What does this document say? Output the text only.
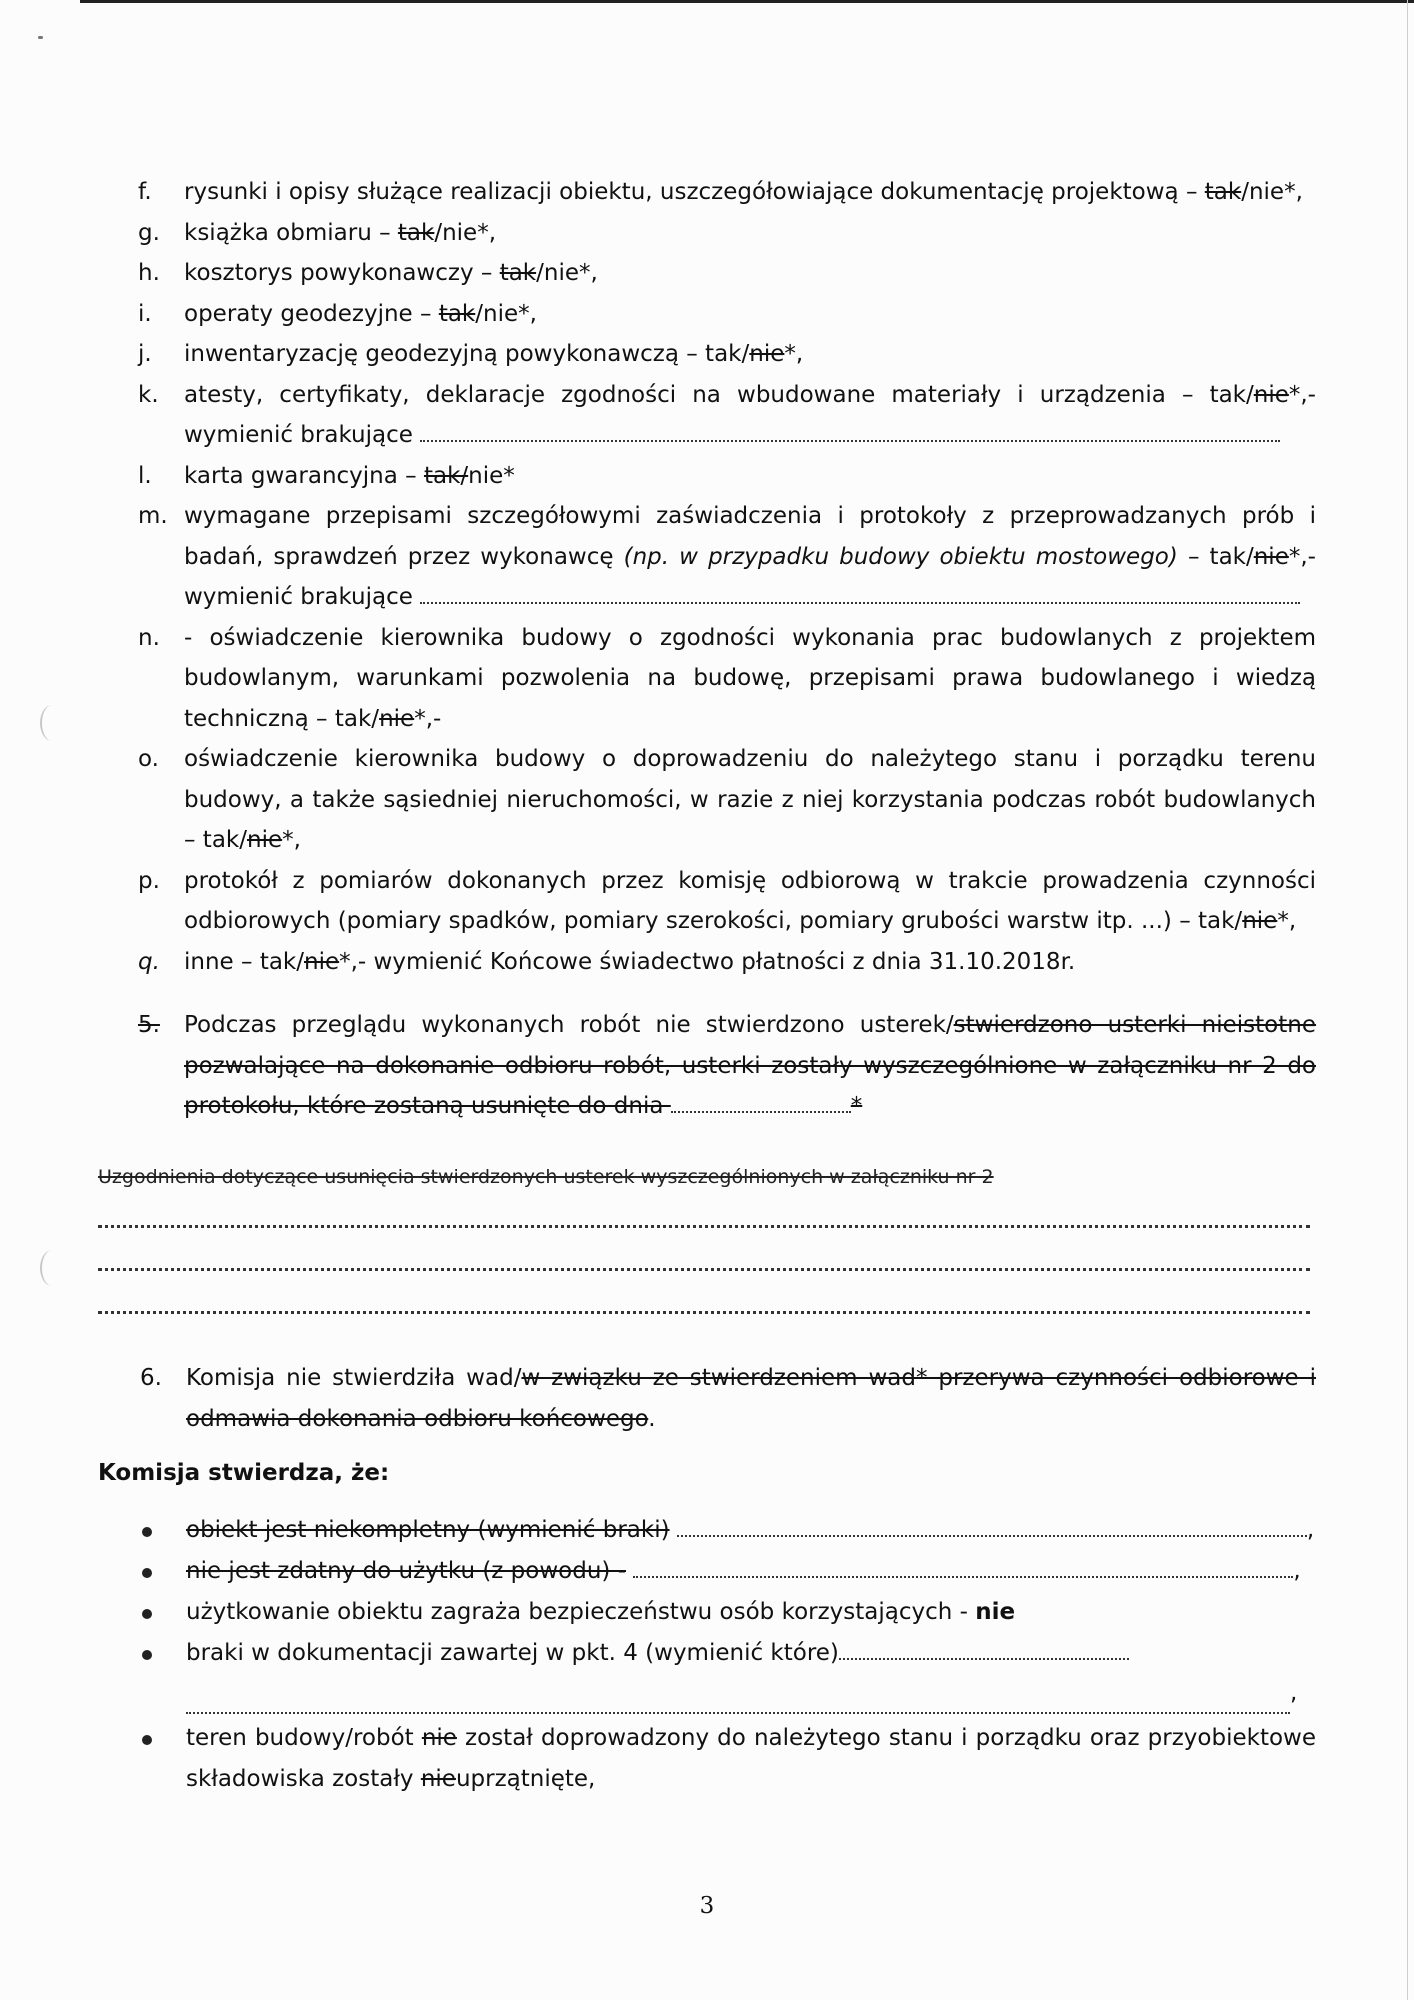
f. rysunki i opisy służące realizacji obiektu, uszczegółowiające dokumentację projektową – tak/nie*,
g. książka obmiaru – tak/nie*,
h. kosztorys powykonawczy – tak/nie*,
i. operaty geodezyjne – tak/nie*,
j. inwentaryzację geodezyjną powykonawczą – tak/nie*,
k. atesty, certyfikaty, deklaracje zgodności na wbudowane materiały i urządzenia – tak/nie*,- wymienić brakujące
l. karta gwarancyjna – tak/nie*
m. wymagane przepisami szczegółowymi zaświadczenia i protokoły z przeprowadzanych prób i badań, sprawdzeń przez wykonawcę (np. w przypadku budowy obiektu mostowego) – tak/nie*,- wymienić brakujące
n. - oświadczenie kierownika budowy o zgodności wykonania prac budowlanych z projektem budowlanym, warunkami pozwolenia na budowę, przepisami prawa budowlanego i wiedzą techniczną – tak/nie*,-
o. oświadczenie kierownika budowy o doprowadzeniu do należytego stanu i porządku terenu budowy, a także sąsiedniej nieruchomości, w razie z niej korzystania podczas robót budowlanych – tak/nie*,
p. protokół z pomiarów dokonanych przez komisję odbiorową w trakcie prowadzenia czynności odbiorowych (pomiary spadków, pomiary szerokości, pomiary grubości warstw itp. ...) – tak/nie*,
q. inne – tak/nie*,- wymienić Końcowe świadectwo płatności z dnia 31.10.2018r.
5. Podczas przeglądu wykonanych robót nie stwierdzono usterek/stwierdzono usterki nieistotne pozwalające na dokonanie odbioru robót, usterki zostały wyszczególnione w załączniku nr 2 do protokołu, które zostaną usunięte do dnia	*
Uzgodnienia dotyczące usunięcia stwierdzonych usterek wyszczególnionych w załączniku nr 2
6. Komisja nie stwierdziła wad/w związku ze stwierdzeniem wad* przerywa czynności odbiorowe i odmawia dokonania odbioru końcowego.
Komisja stwierdza, że:
obiekt jest niekompletny (wymienić braki)	,
nie jest zdatny do użytku (z powodu) -	,
użytkowanie obiektu zagraża bezpieczeństwu osób korzystających - nie
braki w dokumentacji zawartej w pkt. 4 (wymienić które)
,
teren budowy/robót nie został doprowadzony do należytego stanu i porządku oraz przyobiektowe składowiska zostały nieuprzątnięte,
3
